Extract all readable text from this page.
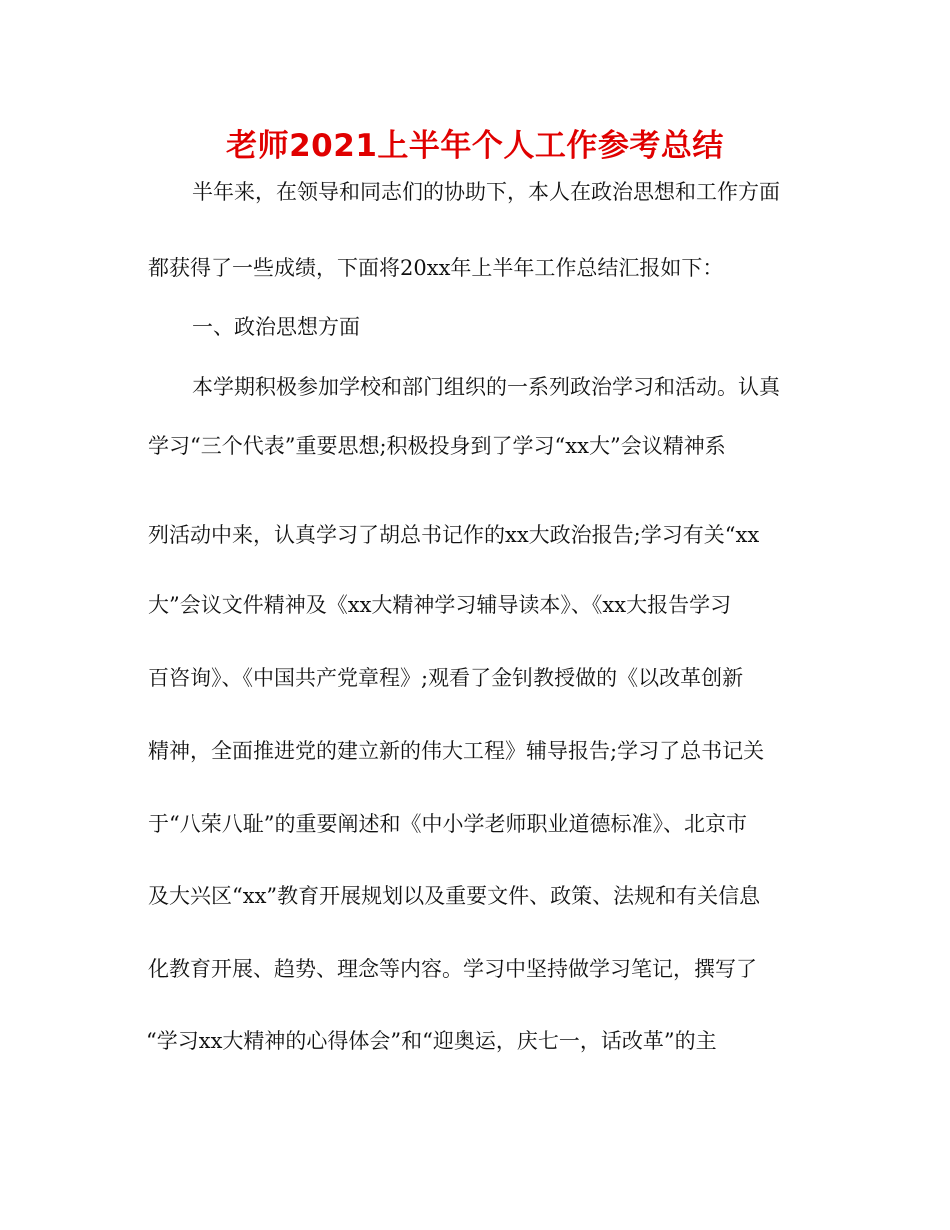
老师2021上半年个人工作参考总结

半年来，在领导和同志们的协助下，本人在政治思想和工作方面

都获得了一些成绩，下面将20xx年上半年工作总结汇报如下：

一、政治思想方面

本学期积极参加学校和部门组织的一系列政治学习和活动。认真

学习“三个代表”重要思想;积极投身到了学习“xx大”会议精神系

列活动中来，认真学习了胡总书记作的xx大政治报告;学习有关“xx

大”会议文件精神及《xx大精神学习辅导读本》、《xx大报告学习

百咨询》、《中国共产党章程》;观看了金钊教授做的《以改革创新

精神，全面推进党的建立新的伟大工程》辅导报告;学习了总书记关

于“八荣八耻”的重要阐述和《中小学老师职业道德标准》、北京市

及大兴区“xx”教育开展规划以及重要文件、政策、法规和有关信息

化教育开展、趋势、理念等内容。学习中坚持做学习笔记，撰写了

“学习xx大精神的心得体会”和“迎奥运，庆七一，话改革”的主
